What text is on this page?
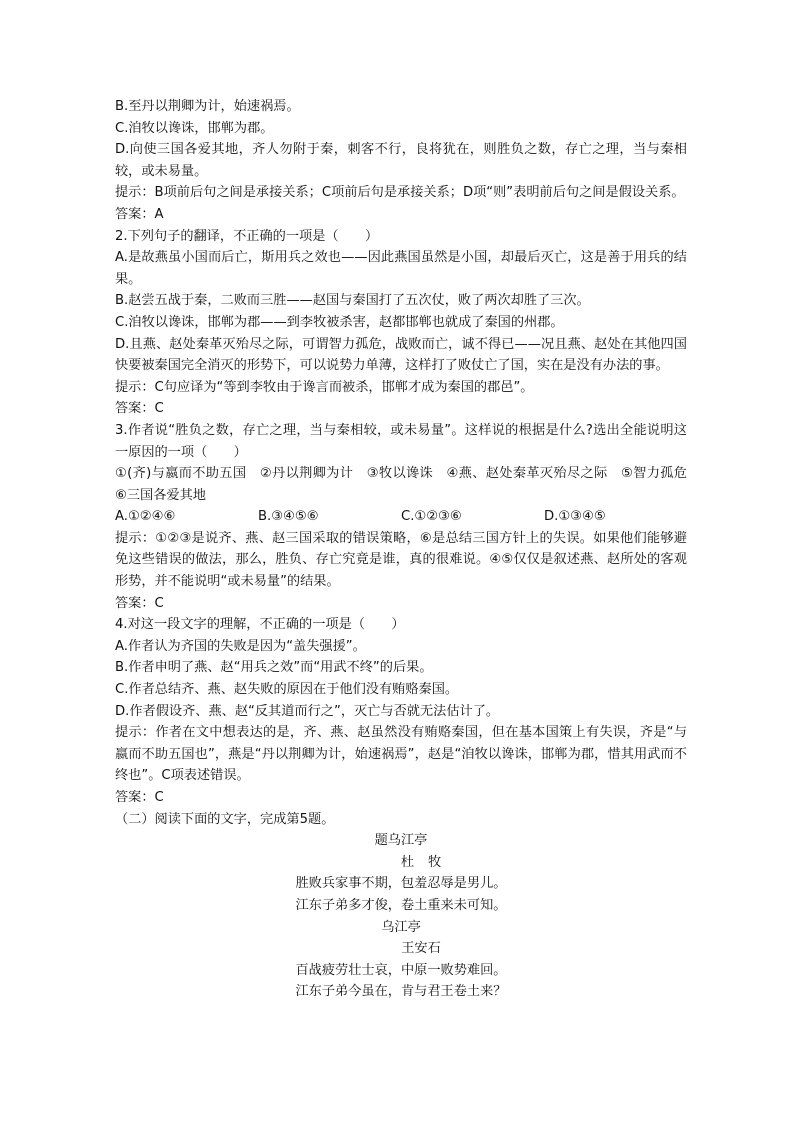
B.至丹以荆卿为计，始速祸焉。

C.洎牧以谗诛，邯郸为郡。

D.向使三国各爱其地，齐人勿附于秦，刺客不行，良将犹在，则胜负之数，存亡之理，当与秦相较，或未易量。

提示：B项前后句之间是承接关系；C项前后句是承接关系；D项“则”表明前后句之间是假设关系。

答案：A

2.下列句子的翻译，不正确的一项是（　　）

A.是故燕虽小国而后亡，斯用兵之效也——因此燕国虽然是小国，却最后灭亡，这是善于用兵的结果。

B.赵尝五战于秦，二败而三胜——赵国与秦国打了五次仗，败了两次却胜了三次。

C.洎牧以谗诛，邯郸为郡——到李牧被杀害，赵都邯郸也就成了秦国的州郡。

D.且燕、赵处秦革灭殆尽之际，可谓智力孤危，战败而亡，诚不得已——况且燕、赵处在其他四国快要被秦国完全消灭的形势下，可以说势力单薄，这样打了败仗亡了国，实在是没有办法的事。

提示：C句应译为“等到李牧由于谗言而被杀，邯郸才成为秦国的郡邑”。

答案：C

3.作者说“胜负之数，存亡之理，当与秦相较，或未易量”。这样说的根据是什么?选出全能说明这一原因的一项（　　）

①(齐)与嬴而不助五国　②丹以荆卿为计　③牧以谗诛　④燕、赵处秦革灭殆尽之际　⑤智力孤危　⑥三国各爱其地

A.①②④⑥	B.③④⑤⑥	C.①②③⑥	D.①③④⑤

提示：①②③是说齐、燕、赵三国采取的错误策略，⑥是总结三国方针上的失误。如果他们能够避免这些错误的做法，那么，胜负、存亡究竟是谁，真的很难说。④⑤仅仅是叙述燕、赵所处的客观形势，并不能说明“或未易量”的结果。

答案：C

4.对这一段文字的理解，不正确的一项是（　　）

A.作者认为齐国的失败是因为“盖失强援”。

B.作者申明了燕、赵“用兵之效”而“用武不终”的后果。

C.作者总结齐、燕、赵失败的原因在于他们没有贿赂秦国。

D.作者假设齐、燕、赵“反其道而行之”，灭亡与否就无法估计了。

提示：作者在文中想表达的是，齐、燕、赵虽然没有贿赂秦国，但在基本国策上有失误，齐是“与嬴而不助五国也”，燕是“丹以荆卿为计，始速祸焉”，赵是“洎牧以谗诛，邯郸为郡，惜其用武而不终也”。C项表述错误。

答案：C

（二）阅读下面的文字，完成第5题。

题乌江亭

杜 牧

胜败兵家事不期，包羞忍辱是男儿。

江东子弟多才俊，卷土重来未可知。

乌江亭

王安石

百战疲劳壮士哀，中原一败势难回。

江东子弟今虽在，肯与君王卷土来？
